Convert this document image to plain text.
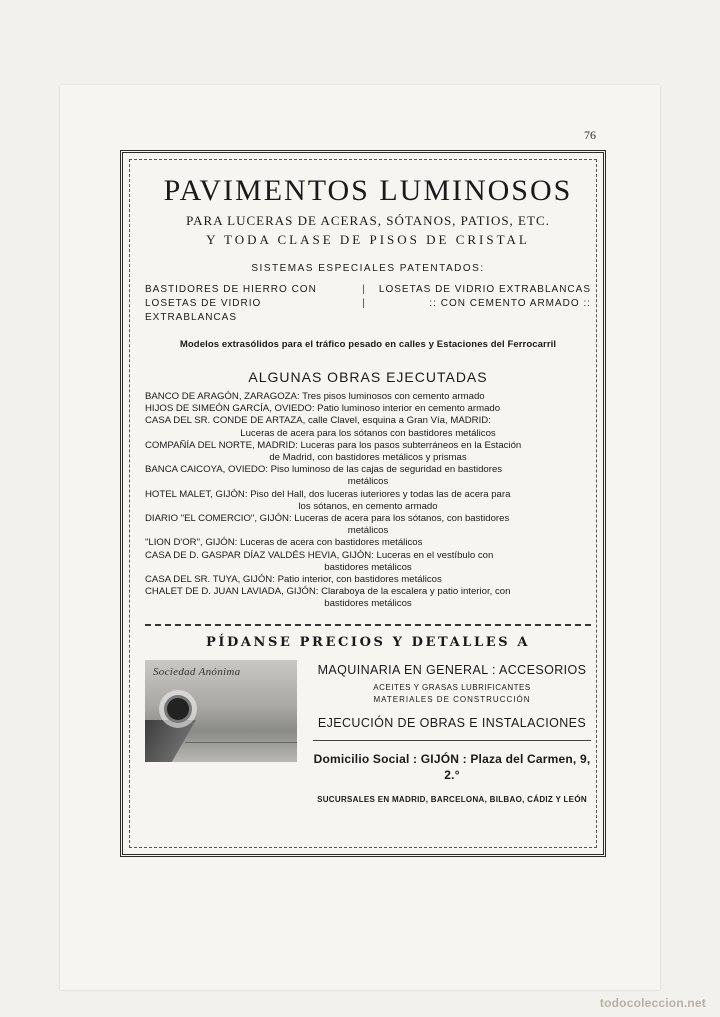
76
PAVIMENTOS LUMINOSOS
PARA LUCERAS DE ACERAS, SÓTANOS, PATIOS, ETC.
Y TODA CLASE DE PISOS DE CRISTAL
SISTEMAS ESPECIALES PATENTADOS:
BASTIDORES DE HIERRO CON
LOSETAS DE VIDRIO EXTRABLANCAS
|
|
LOSETAS DE VIDRIO EXTRABLANCAS
:: CON CEMENTO ARMADO ::
Modelos extrasólidos para el tráfico pesado en calles y Estaciones del Ferrocarril
ALGUNAS OBRAS EJECUTADAS
BANCO DE ARAGÓN, ZARAGOZA: Tres pisos luminosos con cemento armado
HIJOS DE SIMEÓN GARCÍA, OVIEDO: Patio luminoso interior en cemento armado
CASA DEL SR. CONDE DE ARTAZA, calle Clavel, esquina a Gran Vía, MADRID:
Luceras de acera para los sótanos con bastidores metálicos
COMPAÑÍA DEL NORTE, MADRID: Luceras para los pasos subterráneos en la Estación
de Madrid, con bastidores metálicos y prismas
BANCA CAICOYA, OVIEDO: Piso luminoso de las cajas de seguridad en bastidores
metálicos
HOTEL MALET, GIJÓN: Piso del Hall, dos luceras iuteriores y todas las de acera para
los sótanos, en cemento armado
DIARIO "EL COMERCIO", GIJÓN: Luceras de acera para los sótanos, con bastidores
metálicos
"LION D'OR", GIJÓN: Luceras de acera con bastidores metálicos
CASA DE D. GASPAR DÍAZ VALDÉS HEVIA, GIJÓN: Luceras en el vestíbulo con
bastidores metálicos
CASA DEL SR. TUYA, GIJÓN: Patio interior, con bastidores metálicos
CHALET DE D. JUAN LAVIADA, GIJÓN: Claraboya de la escalera y patio interior, con
bastidores metálicos
PÍDANSE PRECIOS Y DETALLES A
Sociedad Anónima	MAQUINARIA EN GENERAL : ACCESORIOS
ACEITES Y GRASAS LUBRIFICANTES
MATERIALES DE CONSTRUCCIÓN
EJECUCIÓN DE OBRAS E INSTALACIONES
Domicilio Social : GIJÓN : Plaza del Carmen, 9, 2.°
SUCURSALES EN MADRID, BARCELONA, BILBAO, CÁDIZ Y LEÓN
todocoleccion.net
